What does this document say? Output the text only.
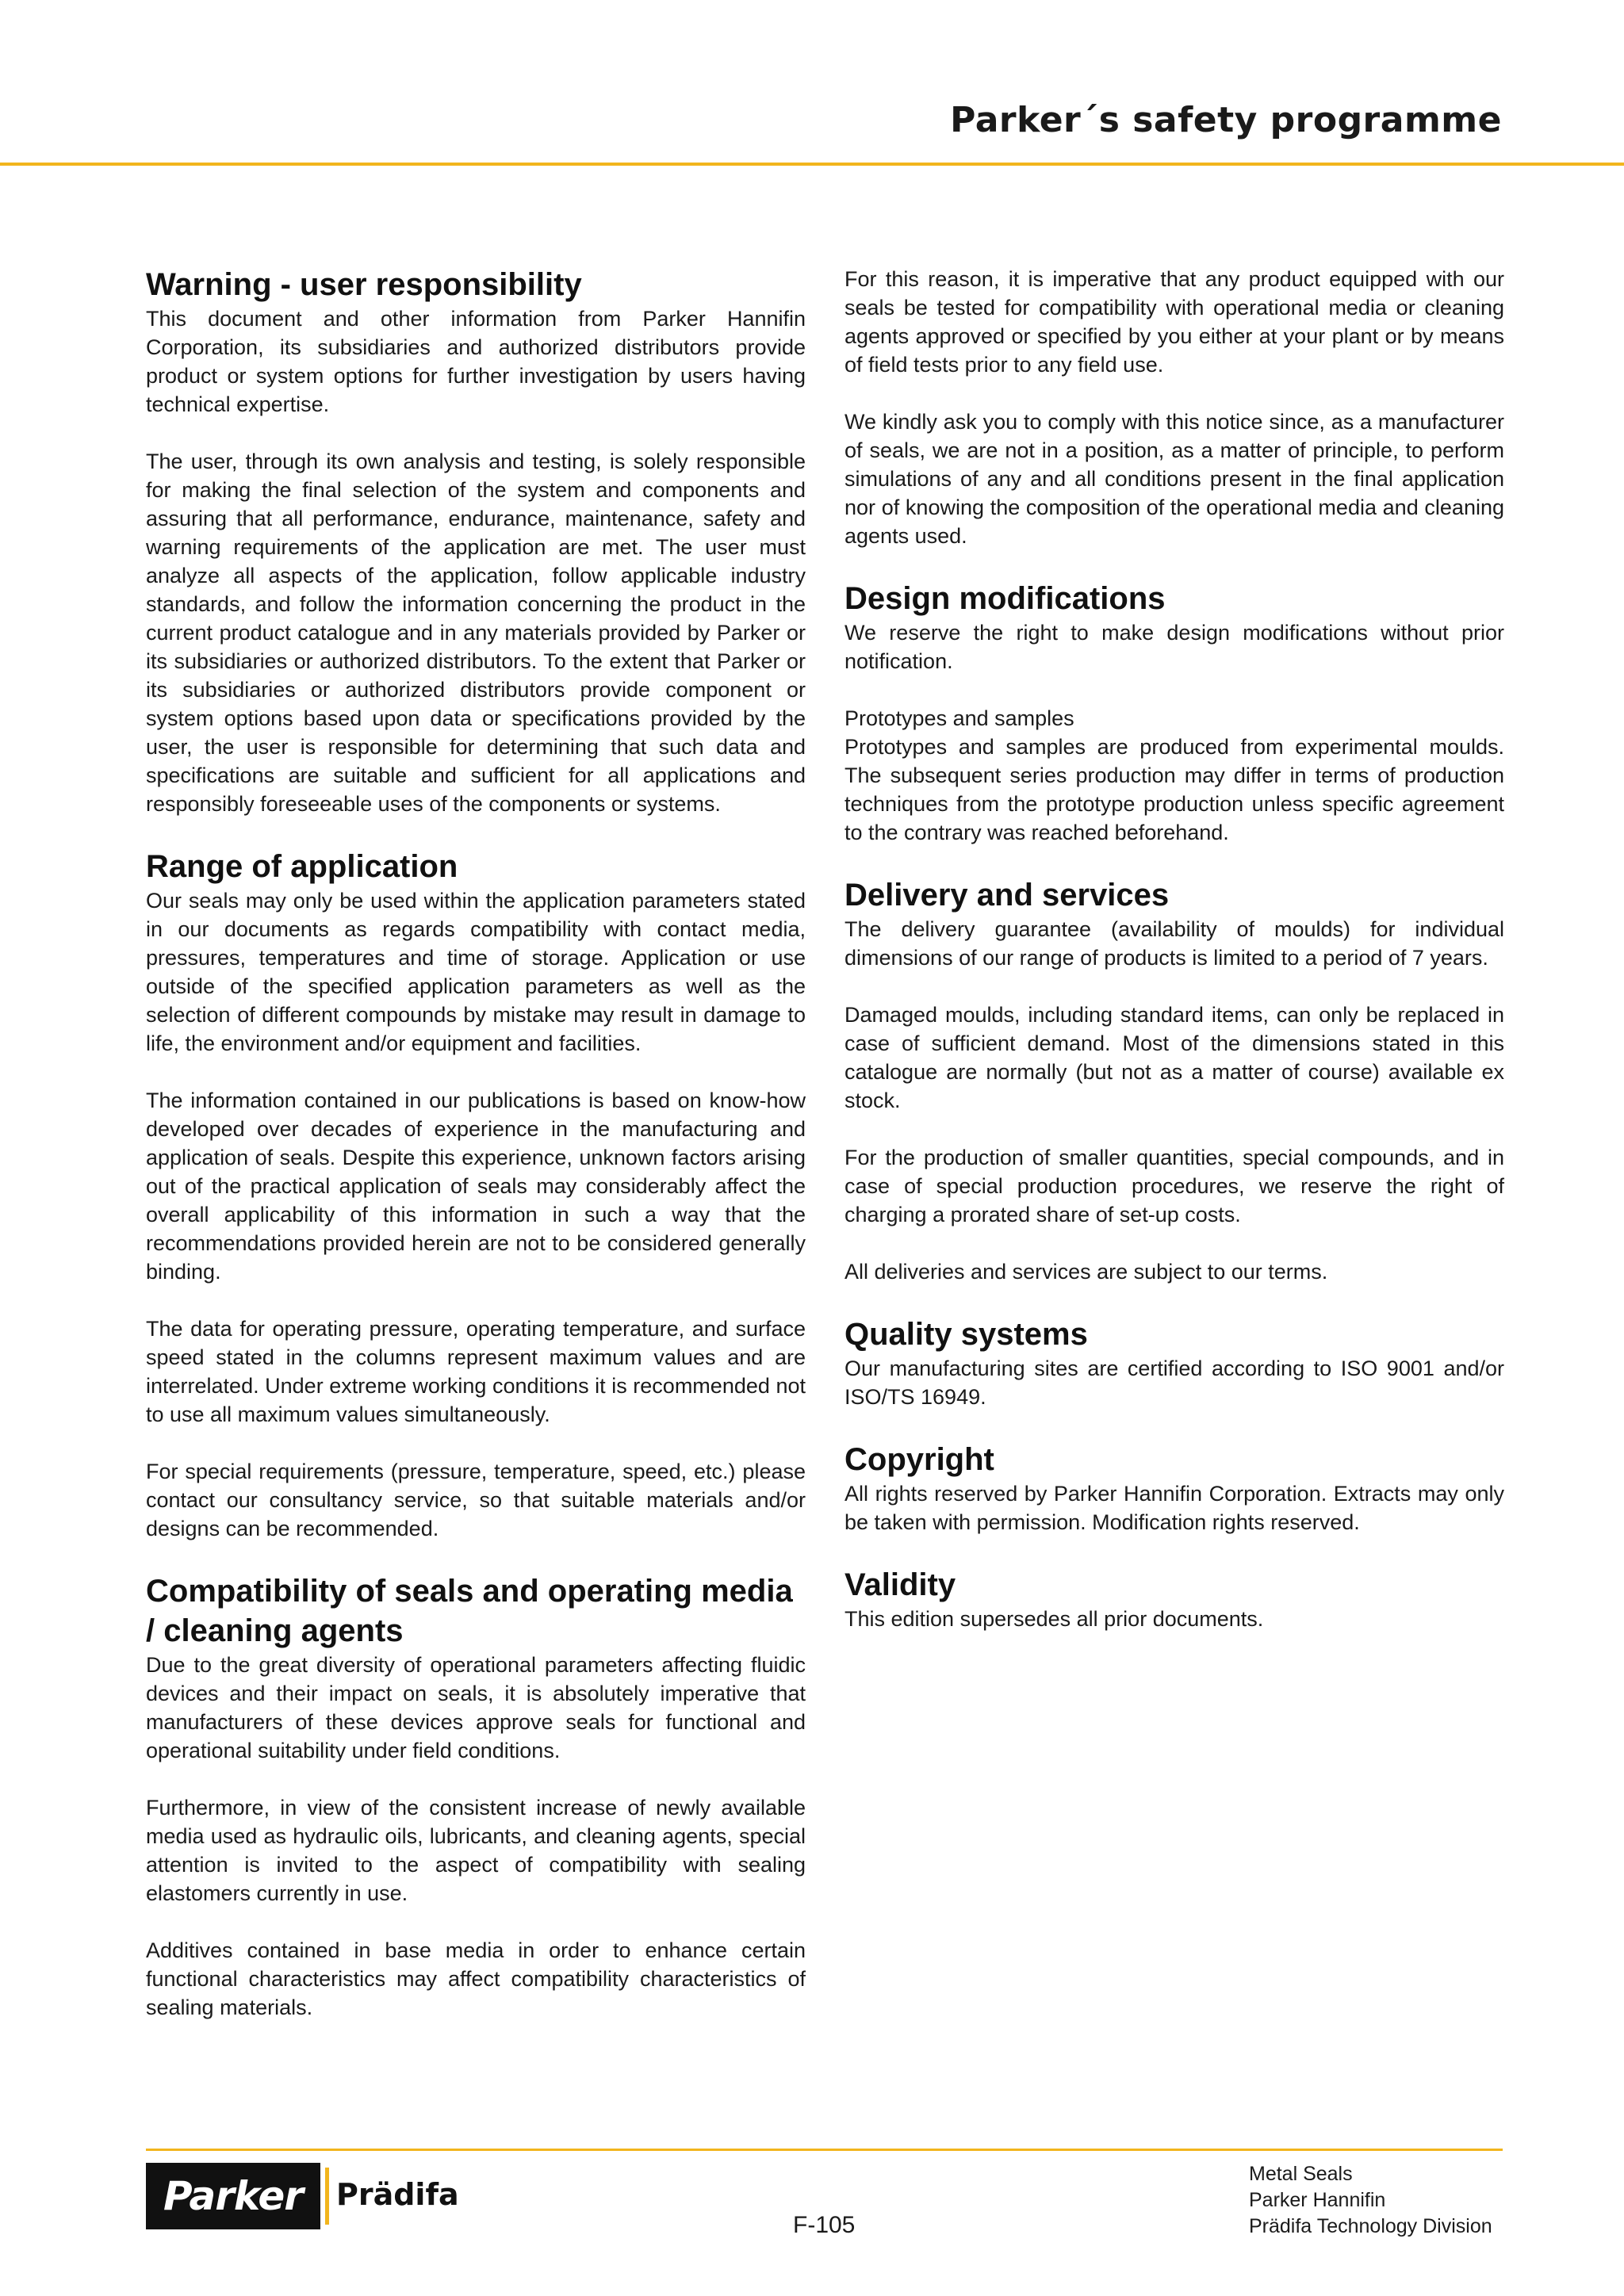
Parker´s safety programme
Warning - user responsibility

This document and other information from Parker Hannifin Corporation, its subsidiaries and authorized distributors provide product or system options for further investigation by users having technical expertise.

The user, through its own analysis and testing, is solely responsible for making the final selection of the system and components and assuring that all performance, endurance, maintenance, safety and warning requirements of the application are met. The user must analyze all aspects of the application, follow applicable industry standards, and follow the information concerning the product in the current product catalogue and in any materials provided by Parker or its subsidiaries or authorized distributors. To the extent that Parker or its subsidiaries or authorized distributors provide component or system options based upon data or specifications provided by the user, the user is responsible for determining that such data and specifications are suitable and sufficient for all applications and responsibly foreseeable uses of the components or systems.

Range of application

Our seals may only be used within the application parameters stated in our documents as regards compatibility with contact media, pressures, temperatures and time of storage. Application or use outside of the specified application parameters as well as the selection of different compounds by mistake may result in damage to life, the environment and/or equipment and facilities.

The information contained in our publications is based on know-how developed over decades of experience in the manufacturing and application of seals. Despite this experience, unknown factors arising out of the practical application of seals may considerably affect the overall applicability of this information in such a way that the recommendations provided herein are not to be considered generally binding.

The data for operating pressure, operating temperature, and surface speed stated in the columns represent maximum values and are interrelated. Under extreme working conditions it is recommended not to use all maximum values simultaneously.

For special requirements (pressure, temperature, speed, etc.) please contact our consultancy service, so that suitable materials and/or designs can be recommended.

Compatibility of seals and operating media / cleaning agents

Due to the great diversity of operational parameters affecting fluidic devices and their impact on seals, it is absolutely imperative that manufacturers of these devices approve seals for functional and operational suitability under field conditions.

Furthermore, in view of the consistent increase of newly available media used as hydraulic oils, lubricants, and cleaning agents, special attention is invited to the aspect of compatibility with sealing elastomers currently in use.

Additives contained in base media in order to enhance certain functional characteristics may affect compatibility characteristics of sealing materials.

For this reason, it is imperative that any product equipped with our seals be tested for compatibility with operational media or cleaning agents approved or specified by you either at your plant or by means of field tests prior to any field use.

We kindly ask you to comply with this notice since, as a manufacturer of seals, we are not in a position, as a matter of principle, to perform simulations of any and all conditions present in the final application nor of knowing the composition of the operational media and cleaning agents used.

Design modifications

We reserve the right to make design modifications without prior notification.

Prototypes and samples
Prototypes and samples are produced from experimental moulds. The subsequent series production may differ in terms of production techniques from the prototype production unless specific agreement to the contrary was reached beforehand.

Delivery and services

The delivery guarantee (availability of moulds) for individual dimensions of our range of products is limited to a period of 7 years.

Damaged moulds, including standard items, can only be replaced in case of sufficient demand. Most of the dimensions stated in this catalogue are normally (but not as a matter of course) available ex stock.

For the production of smaller quantities, special compounds, and in case of special production procedures, we reserve the right of charging a prorated share of set-up costs.

All deliveries and services are subject to our terms.

Quality systems

Our manufacturing sites are certified according to ISO 9001 and/or ISO/TS 16949.

Copyright

All rights reserved by Parker Hannifin Corporation. Extracts may only be taken with permission. Modification rights reserved.

Validity

This edition supersedes all prior documents.

Parker	Prädifa
F-105
Metal Seals
Parker Hannifin
Prädifa Technology Division
